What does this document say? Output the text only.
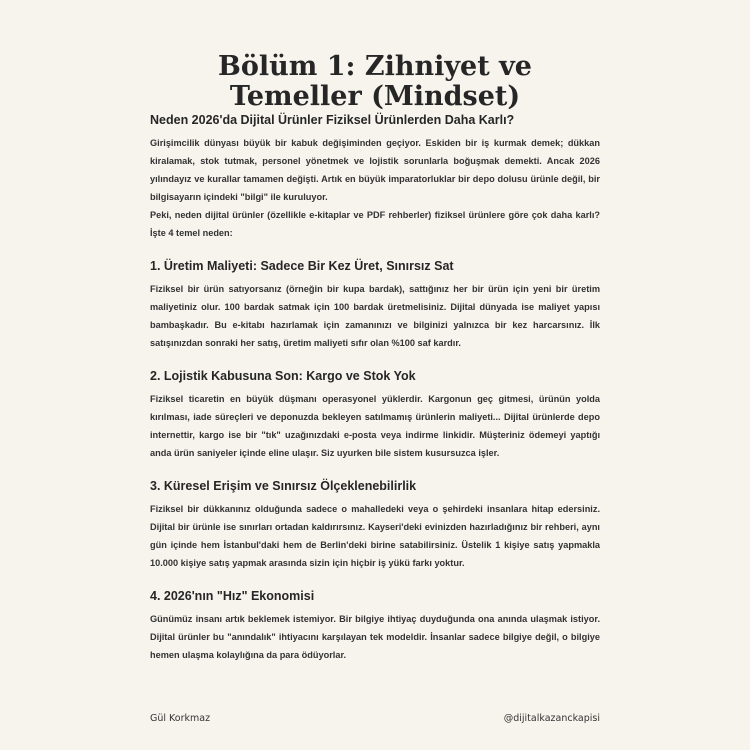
Bölüm 1: Zihniyet ve
Temeller (Mindset)
Neden 2026'da Dijital Ürünler Fiziksel Ürünlerden Daha Karlı?

Girişimcilik dünyası büyük bir kabuk değişiminden geçiyor. Eskiden bir iş kurmak demek; dükkan kiralamak, stok tutmak, personel yönetmek ve lojistik sorunlarla boğuşmak demekti. Ancak 2026 yılındayız ve kurallar tamamen değişti. Artık en büyük imparatorluklar bir depo dolusu ürünle değil, bir bilgisayarın içindeki "bilgi" ile kuruluyor.

Peki, neden dijital ürünler (özellikle e-kitaplar ve PDF rehberler) fiziksel ürünlere göre çok daha karlı? İşte 4 temel neden:

1. Üretim Maliyeti: Sadece Bir Kez Üret, Sınırsız Sat

Fiziksel bir ürün satıyorsanız (örneğin bir kupa bardak), sattığınız her bir ürün için yeni bir üretim maliyetiniz olur. 100 bardak satmak için 100 bardak üretmelisiniz. Dijital dünyada ise maliyet yapısı bambaşkadır. Bu e-kitabı hazırlamak için zamanınızı ve bilginizi yalnızca bir kez harcarsınız. İlk satışınızdan sonraki her satış, üretim maliyeti sıfır olan %100 saf kardır.

2. Lojistik Kabusuna Son: Kargo ve Stok Yok

Fiziksel ticaretin en büyük düşmanı operasyonel yüklerdir. Kargonun geç gitmesi, ürünün yolda kırılması, iade süreçleri ve deponuzda bekleyen satılmamış ürünlerin maliyeti... Dijital ürünlerde depo internettir, kargo ise bir "tık" uzağınızdaki e-posta veya indirme linkidir. Müşteriniz ödemeyi yaptığı anda ürün saniyeler içinde eline ulaşır. Siz uyurken bile sistem kusursuzca işler.

3. Küresel Erişim ve Sınırsız Ölçeklenebilirlik

Fiziksel bir dükkanınız olduğunda sadece o mahalledeki veya o şehirdeki insanlara hitap edersiniz. Dijital bir ürünle ise sınırları ortadan kaldırırsınız. Kayseri'deki evinizden hazırladığınız bir rehberi, aynı gün içinde hem İstanbul'daki hem de Berlin'deki birine satabilirsiniz. Üstelik 1 kişiye satış yapmakla 10.000 kişiye satış yapmak arasında sizin için hiçbir iş yükü farkı yoktur.

4. 2026'nın "Hız" Ekonomisi

Günümüz insanı artık beklemek istemiyor. Bir bilgiye ihtiyaç duyduğunda ona anında ulaşmak istiyor. Dijital ürünler bu "anındalık" ihtiyacını karşılayan tek modeldir. İnsanlar sadece bilgiye değil, o bilgiye hemen ulaşma kolaylığına da para ödüyorlar.

Gül Korkmaz	@dijitalkazanckapisi
